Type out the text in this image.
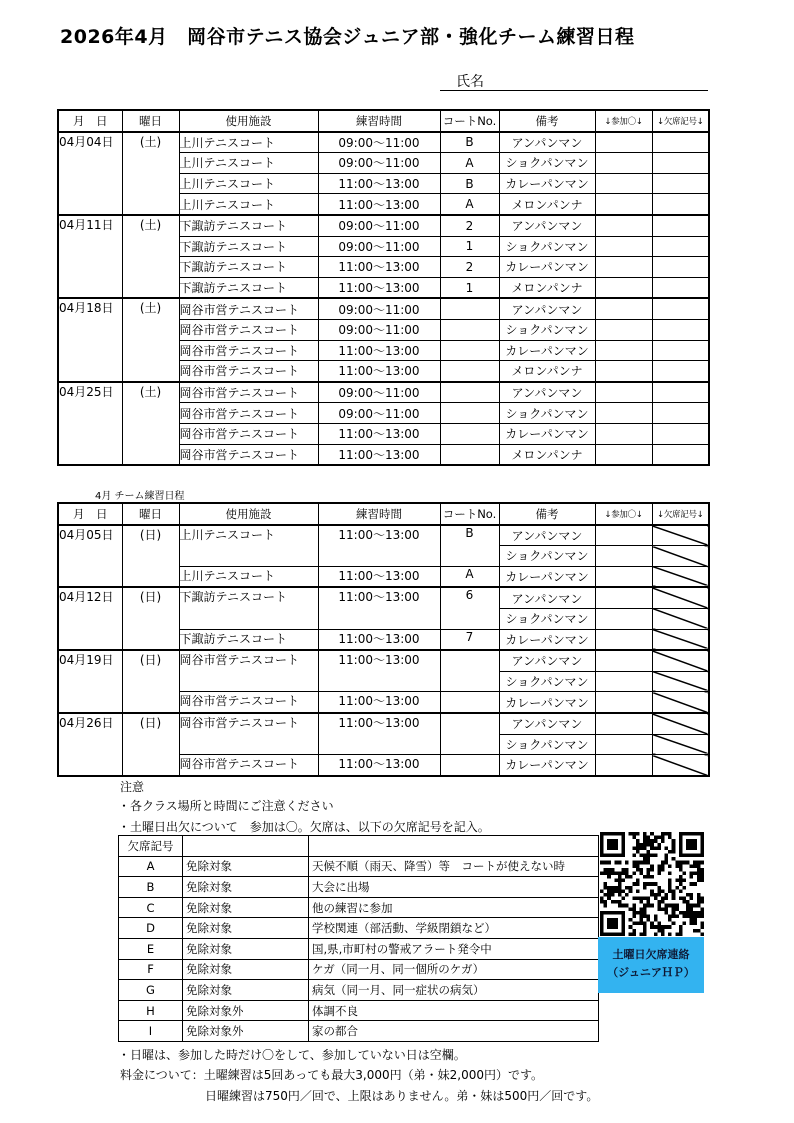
2026年4月　岡谷市テニス協会ジュニア部・強化チーム練習日程
氏名
月　日	曜日	使用施設	練習時間	コートNo.	備考	↓参加〇↓	↓欠席記号↓
04月04日	(土)	上川テニスコート	09:00～11:00	B	アンパンマン		
		上川テニスコート	09:00～11:00	A	ショクパンマン		
		上川テニスコート	11:00～13:00	B	カレーパンマン		
		上川テニスコート	11:00～13:00	A	メロンパンナ		
04月11日	(土)	下諏訪テニスコート	09:00～11:00	2	アンパンマン		
		下諏訪テニスコート	09:00～11:00	1	ショクパンマン		
		下諏訪テニスコート	11:00～13:00	2	カレーパンマン		
		下諏訪テニスコート	11:00～13:00	1	メロンパンナ		
04月18日	(土)	岡谷市営テニスコート	09:00～11:00		アンパンマン		
		岡谷市営テニスコート	09:00～11:00		ショクパンマン		
		岡谷市営テニスコート	11:00～13:00		カレーパンマン		
		岡谷市営テニスコート	11:00～13:00		メロンパンナ		
04月25日	(土)	岡谷市営テニスコート	09:00～11:00		アンパンマン		
		岡谷市営テニスコート	09:00～11:00		ショクパンマン		
		岡谷市営テニスコート	11:00～13:00		カレーパンマン		
		岡谷市営テニスコート	11:00～13:00		メロンパンナ		
4月 チーム練習日程
月　日	曜日	使用施設	練習時間	コートNo.	備考	↓参加〇↓	↓欠席記号↓
04月05日	(日)	上川テニスコート	11:00～13:00	B	アンパンマン		
					ショクパンマン		
		上川テニスコート	11:00～13:00	A	カレーパンマン		
04月12日	(日)	下諏訪テニスコート	11:00～13:00	6	アンパンマン		
					ショクパンマン		
		下諏訪テニスコート	11:00～13:00	7	カレーパンマン		
04月19日	(日)	岡谷市営テニスコート	11:00～13:00		アンパンマン		
					ショクパンマン		
		岡谷市営テニスコート	11:00～13:00		カレーパンマン		
04月26日	(日)	岡谷市営テニスコート	11:00～13:00		アンパンマン		
					ショクパンマン		
		岡谷市営テニスコート	11:00～13:00		カレーパンマン		
注意
・各クラス場所と時間にご注意ください
・土曜日出欠について　参加は〇。欠席は、以下の欠席記号を記入。
欠席記号		
A	免除対象	天候不順（雨天、降雪）等　コートが使えない時
B	免除対象	大会に出場
C	免除対象	他の練習に参加
D	免除対象	学校関連（部活動、学級閉鎖など）
E	免除対象	国,県,市町村の警戒アラート発令中
F	免除対象	ケガ（同一月、同一個所のケガ）
G	免除対象	病気（同一月、同一症状の病気）
H	免除対象外	体調不良
I	免除対象外	家の都合
土曜日欠席連絡
（ジュニアＨＰ）
・日曜は、参加した時だけ〇をして、参加していない日は空欄。
料金について：土曜練習は5回あっても最大3,000円（弟・妹2,000円）です。
日曜練習は750円／回で、上限はありません。弟・妹は500円／回です。
